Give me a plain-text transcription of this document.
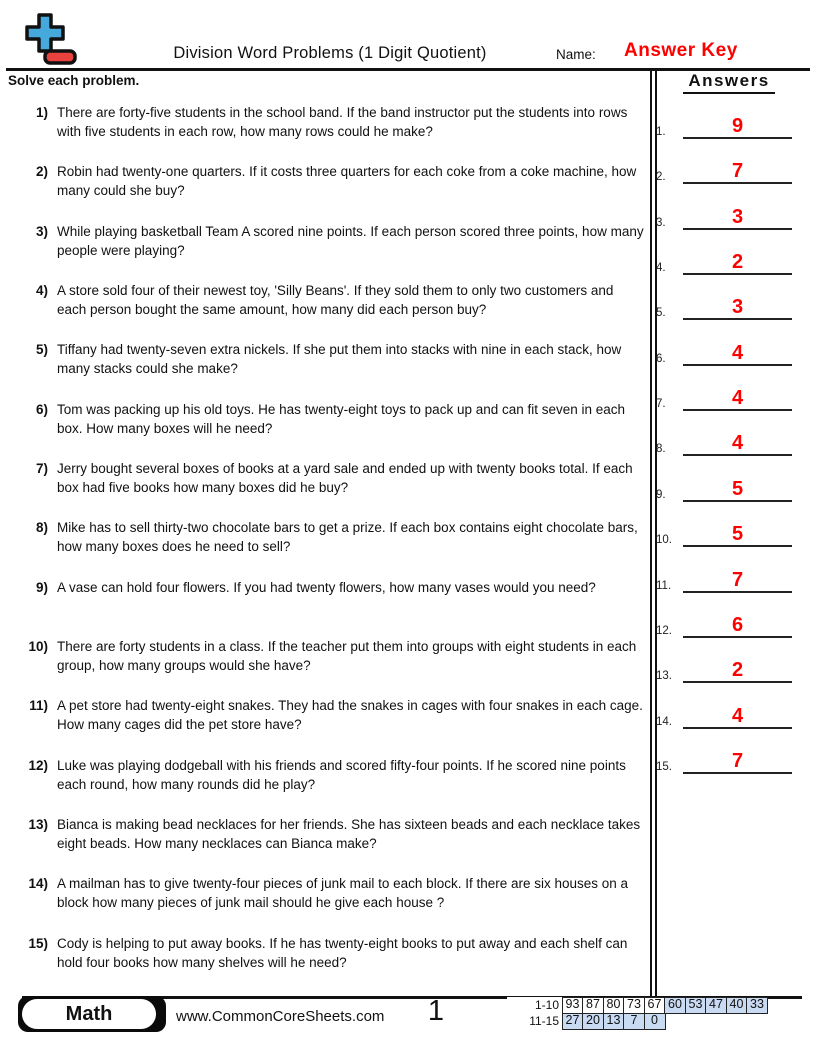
Division Word Problems (1 Digit Quotient)	Name: Answer Key
Solve each problem.
1) There are forty-five students in the school band. If the band instructor put the students into rows with five students in each row, how many rows could he make?
2) Robin had twenty-one quarters. If it costs three quarters for each coke from a coke machine, how many could she buy?
3) While playing basketball Team A scored nine points. If each person scored three points, how many people were playing?
4) A store sold four of their newest toy, 'Silly Beans'. If they sold them to only two customers and each person bought the same amount, how many did each person buy?
5) Tiffany had twenty-seven extra nickels. If she put them into stacks with nine in each stack, how many stacks could she make?
6) Tom was packing up his old toys. He has twenty-eight toys to pack up and can fit seven in each box. How many boxes will he need?
7) Jerry bought several boxes of books at a yard sale and ended up with twenty books total. If each box had five books how many boxes did he buy?
8) Mike has to sell thirty-two chocolate bars to get a prize. If each box contains eight chocolate bars, how many boxes does he need to sell?
9) A vase can hold four flowers. If you had twenty flowers, how many vases would you need?
10) There are forty students in a class. If the teacher put them into groups with eight students in each group, how many groups would she have?
11) A pet store had twenty-eight snakes. They had the snakes in cages with four snakes in each cage. How many cages did the pet store have?
12) Luke was playing dodgeball with his friends and scored fifty-four points. If he scored nine points each round, how many rounds did he play?
13) Bianca is making bead necklaces for her friends. She has sixteen beads and each necklace takes eight beads. How many necklaces can Bianca make?
14) A mailman has to give twenty-four pieces of junk mail to each block. If there are six houses on a block how many pieces of junk mail should he give each house ?
15) Cody is helping to put away books. If he has twenty-eight books to put away and each shelf can hold four books how many shelves will he need?
Answers
1.	9
2.	7
3.	3
4.	2
5.	3
6.	4
7.	4
8.	4
9.	5
10.	5
11.	7
12.	6
13.	2
14.	4
15.	7
Math	www.CommonCoreSheets.com	1	1-10 93 87 80 73 67 60 53 47 40 33
11-15 27 20 13 7	0
